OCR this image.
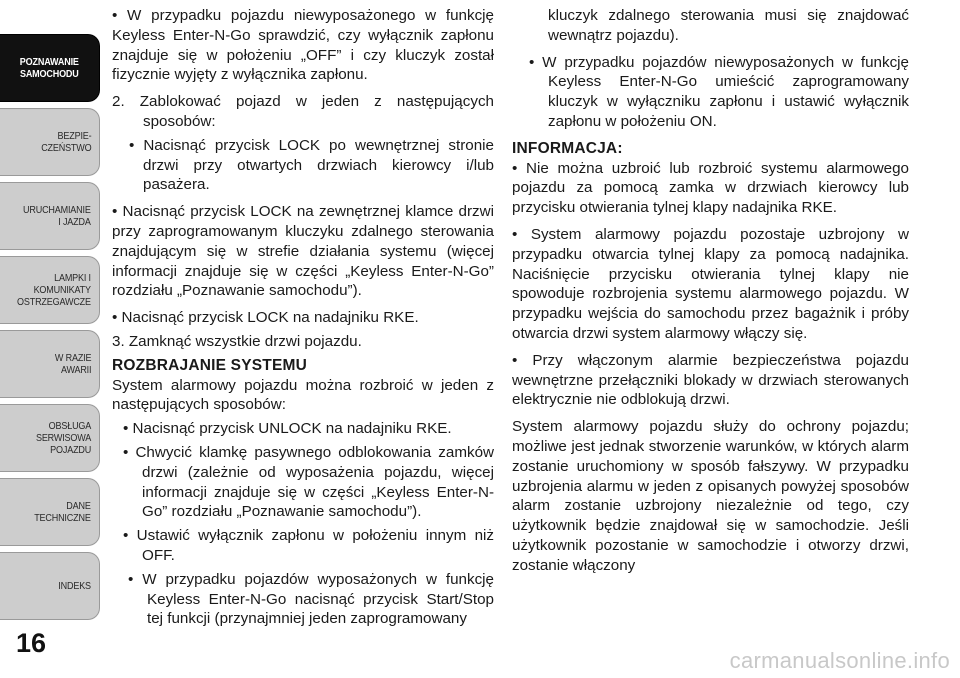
POZNAWANIE
SAMOCHODU
BEZPIE-
CZEŃSTWO
URUCHAMIANIE
I JAZDA
LAMPKI I
KOMUNIKATY
OSTRZEGAWCZE
W RAZIE
AWARII
OBSŁUGA
SERWISOWA
POJAZDU
DANE
TECHNICZNE
INDEKS
16

• W przypadku pojazdu niewyposażonego w funkcję Keyless Enter-N-Go sprawdzić, czy wyłącznik zapłonu znajduje się w położeniu „OFF” i czy kluczyk został fizycznie wyjęty z wyłącznika zapłonu.

2. Zablokować pojazd w jeden z następujących sposobów:

• Nacisnąć przycisk LOCK po wewnętrznej stronie drzwi przy otwartych drzwiach kierowcy i/lub pasażera.

• Nacisnąć przycisk LOCK na zewnętrznej klamce drzwi przy zaprogramowanym kluczyku zdalnego sterowania znajdującym się w strefie działania systemu (więcej informacji znajduje się w części „Keyless Enter-N-Go” rozdziału „Poznawanie samochodu”).

• Nacisnąć przycisk LOCK na nadajniku RKE.

3. Zamknąć wszystkie drzwi pojazdu.

ROZBRAJANIE SYSTEMU

System alarmowy pojazdu można rozbroić w jeden z następujących sposobów:

• Nacisnąć przycisk UNLOCK na nadajniku RKE.

• Chwycić klamkę pasywnego odblokowania zamków drzwi (zależnie od wyposażenia pojazdu, więcej informacji znajduje się w części „Keyless Enter-N-Go” rozdziału „Poznawanie samochodu”).

• Ustawić wyłącznik zapłonu w położeniu innym niż OFF.

• W przypadku pojazdów wyposażonych w funkcję Keyless Enter-N-Go nacisnąć przycisk Start/Stop tej funkcji (przynajmniej jeden zaprogramowany

kluczyk zdalnego sterowania musi się znajdować wewnątrz pojazdu).

• W przypadku pojazdów niewyposażonych w funkcję Keyless Enter-N-Go umieścić zaprogramowany kluczyk w wyłączniku zapłonu i ustawić wyłącznik zapłonu w położeniu ON.

INFORMACJA:

• Nie można uzbroić lub rozbroić systemu alarmowego pojazdu za pomocą zamka w drzwiach kierowcy lub przycisku otwierania tylnej klapy nadajnika RKE.

• System alarmowy pojazdu pozostaje uzbrojony w przypadku otwarcia tylnej klapy za pomocą nadajnika. Naciśnięcie przycisku otwierania tylnej klapy nie spowoduje rozbrojenia systemu alarmowego pojazdu. W przypadku wejścia do samochodu przez bagażnik i próby otwarcia drzwi system alarmowy włączy się.

• Przy włączonym alarmie bezpieczeństwa pojazdu wewnętrzne przełączniki blokady w drzwiach sterowanych elektrycznie nie odblokują drzwi.

System alarmowy pojazdu służy do ochrony pojazdu; możliwe jest jednak stworzenie warunków, w których alarm zostanie uruchomiony w sposób fałszywy. W przypadku uzbrojenia alarmu w jeden z opisanych powyżej sposobów alarm zostanie uzbrojony niezależnie od tego, czy użytkownik będzie znajdował się w samochodzie. Jeśli użytkownik pozostanie w samochodzie i otworzy drzwi, zostanie włączony

carmanualsonline.info
